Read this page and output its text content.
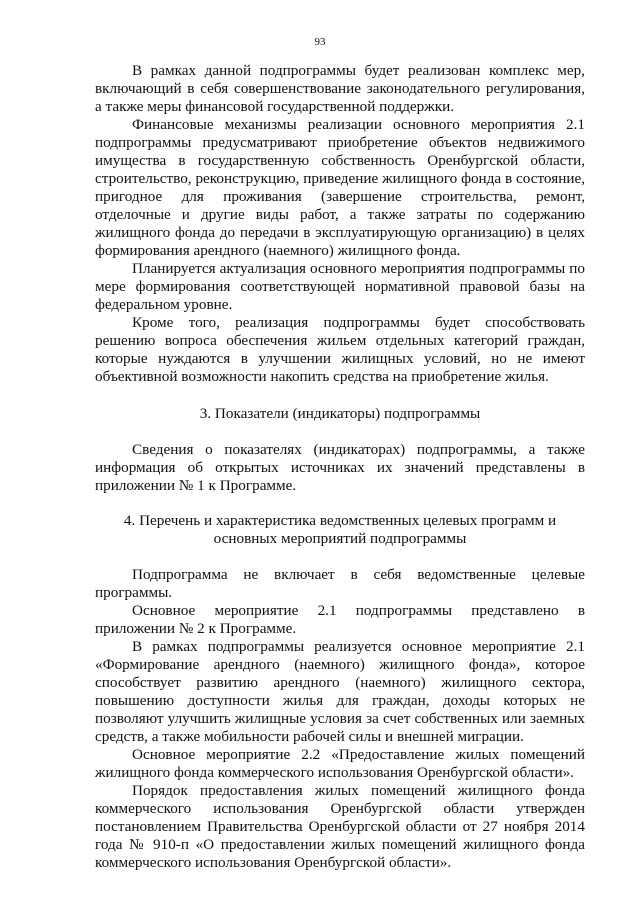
93

В рамках данной подпрограммы будет реализован комплекс мер, включающий в себя совершенствование законодательного регулирования, а также меры финансовой государственной поддержки.

Финансовые механизмы реализации основного мероприятия 2.1 подпрограммы предусматривают приобретение объектов недвижимого имущества в государственную собственность Оренбургской области, строительство, реконструкцию, приведение жилищного фонда в состояние, пригодное для проживания (завершение строительства, ремонт, отделочные и другие виды работ, а также затраты по содержанию жилищного фонда до передачи в эксплуатирующую организацию) в целях формирования арендного (наемного) жилищного фонда.

Планируется актуализация основного мероприятия подпрограммы по мере формирования соответствующей нормативной правовой базы на федеральном уровне.

Кроме того, реализация подпрограммы будет способствовать решению вопроса обеспечения жильем отдельных категорий граждан, которые нуждаются в улучшении жилищных условий, но не имеют объективной возможности накопить средства на приобретение жилья.

3. Показатели (индикаторы) подпрограммы

Сведения о показателях (индикаторах) подпрограммы, а также информация об открытых источниках их значений представлены в приложении № 1 к Программе.

4. Перечень и характеристика ведомственных целевых программ и
основных мероприятий подпрограммы

Подпрограмма не включает в себя ведомственные целевые программы.

Основное мероприятие 2.1 подпрограммы представлено в приложении № 2 к Программе.

В рамках подпрограммы реализуется основное мероприятие 2.1 «Формирование арендного (наемного) жилищного фонда», которое способствует развитию арендного (наемного) жилищного сектора, повышению доступности жилья для граждан, доходы которых не позволяют улучшить жилищные условия за счет собственных или заемных средств, а также мобильности рабочей силы и внешней миграции.

Основное мероприятие 2.2 «Предоставление жилых помещений жилищного фонда коммерческого использования Оренбургской области».

Порядок предоставления жилых помещений жилищного фонда коммерческого использования Оренбургской области утвержден постановлением Правительства Оренбургской области от 27 ноября 2014 года № 910-п «О предоставлении жилых помещений жилищного фонда коммерческого использования Оренбургской области».
